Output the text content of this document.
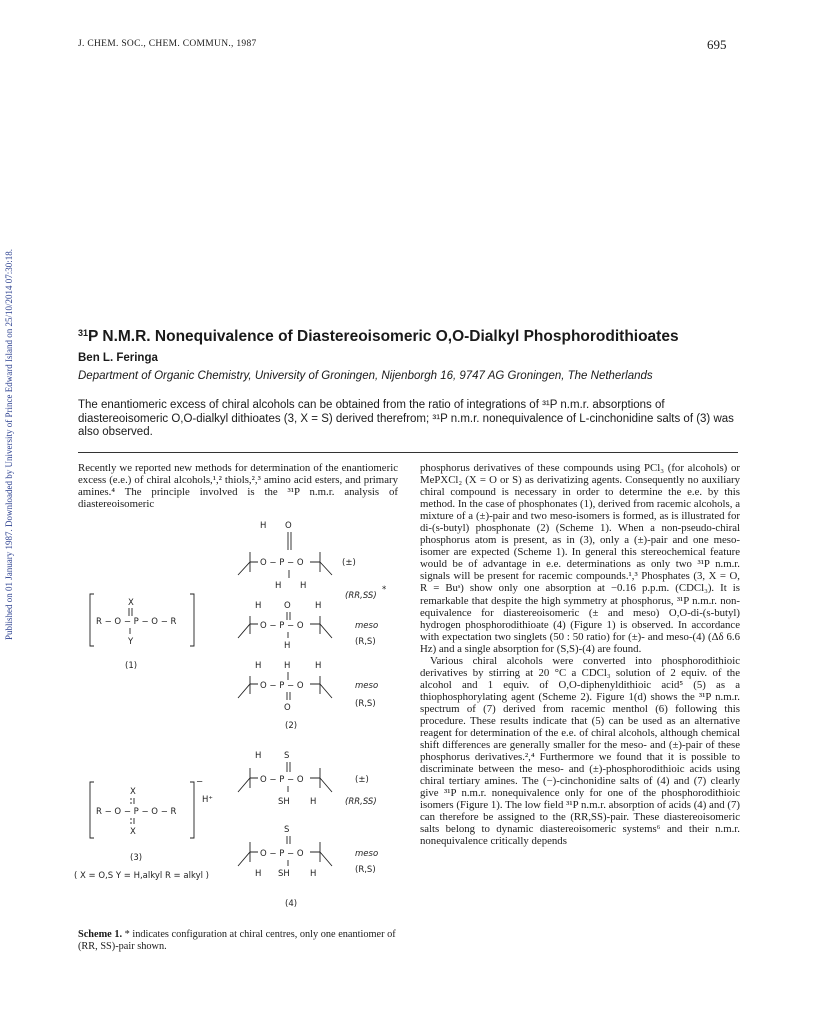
Published on 01 January 1987. Downloaded by University of Prince Edward Island on 25/10/2014 07:30:18.
J. CHEM. SOC., CHEM. COMMUN., 1987	695
$^{31}$P N.M.R. Nonequivalence of Diastereoisomeric O,O-Dialkyl Phosphorodithioates
Ben L. Feringa
Department of Organic Chemistry, University of Groningen, Nijenborgh 16, 9747 AG Groningen, The Netherlands
The enantiomeric excess of chiral alcohols can be obtained from the ratio of integrations of ³¹P n.m.r. absorptions of diastereoisomeric O,O-dialkyl dithioates (3, X = S) derived therefrom; ³¹P n.m.r. nonequivalence of L-cinchonidine salts of (3) was also observed.

Recently we reported new methods for determination of the enantiomeric excess (e.e.) of chiral alcohols,¹,² thiols,²,³ amino acid esters, and primary amines.⁴ The principle involved is the ³¹P n.m.r. analysis of diastereoisomeric

O − P − O
H O
H H
(±)
(RR,SS)
*
X
R − O − P − O − R
Y
(1)
H	O	H
O − P − O
H
meso
(R,S)
H	H	H
O − P − O
O
meso
(R,S)
(2)
H	S
O − P − O
SH H
(±)
(RR,SS)
−
H⁺
X
R − O − P − O − R
X
(3)
( X = O,S Y = H,alkyl R = alkyl )
S
O − P − O
H SH H
meso
(R,S)
(4)
Scheme 1. * indicates configuration at chiral centres, only one enantiomer of (RR, SS)-pair shown.

phosphorus derivatives of these compounds using PCl₃ (for alcohols) or MePXCl₂ (X = O or S) as derivatizing agents. Consequently no auxiliary chiral compound is necessary in order to determine the e.e. by this method. In the case of phosphonates (1), derived from racemic alcohols, a mixture of a (±)-pair and two meso-isomers is formed, as is illustrated for di-(s-butyl) phosphonate (2) (Scheme 1). When a non-pseudo-chiral phosphorus atom is present, as in (3), only a (±)-pair and one meso-isomer are expected (Scheme 1). In general this stereochemical feature would be of advantage in e.e. determinations as only two ³¹P n.m.r. signals will be present for racemic compounds.¹,³ Phosphates (3, X = O, R = Buˢ) show only one absorption at −0.16 p.p.m. (CDCl₃). It is remarkable that despite the high symmetry at phosphorus, ³¹P n.m.r. non-equivalence for diastereoisomeric (± and meso) O,O-di-(s-butyl) hydrogen phosphorodithioate (4) (Figure 1) is observed. In accordance with expectation two singlets (50 : 50 ratio) for (±)- and meso-(4) (Δδ 6.6 Hz) and a single absorption for (S,S)-(4) are found.

Various chiral alcohols were converted into phosphorodithioic derivatives by stirring at 20 °C a CDCl₃ solution of 2 equiv. of the alcohol and 1 equiv. of O,O-diphenyldithioic acid⁵ (5) as a thiophosphorylating agent (Scheme 2). Figure 1(d) shows the ³¹P n.m.r. spectrum of (7) derived from racemic menthol (6) following this procedure. These results indicate that (5) can be used as an alternative reagent for determination of the e.e. of chiral alcohols, although chemical shift differences are generally smaller for the meso- and (±)-pair of these phosphorus derivatives.²,⁴ Furthermore we found that it is possible to discriminate between the meso- and (±)-phosphorodithioic acids using chiral tertiary amines. The (−)-cinchonidine salts of (4) and (7) clearly give ³¹P n.m.r. nonequivalence only for one of the phosphorodithioic isomers (Figure 1). The low field ³¹P n.m.r. absorption of acids (4) and (7) can therefore be assigned to the (RR,SS)-pair. These diastereoisomeric salts belong to dynamic diastereoisomeric systems⁶ and their n.m.r. nonequivalence critically depends
